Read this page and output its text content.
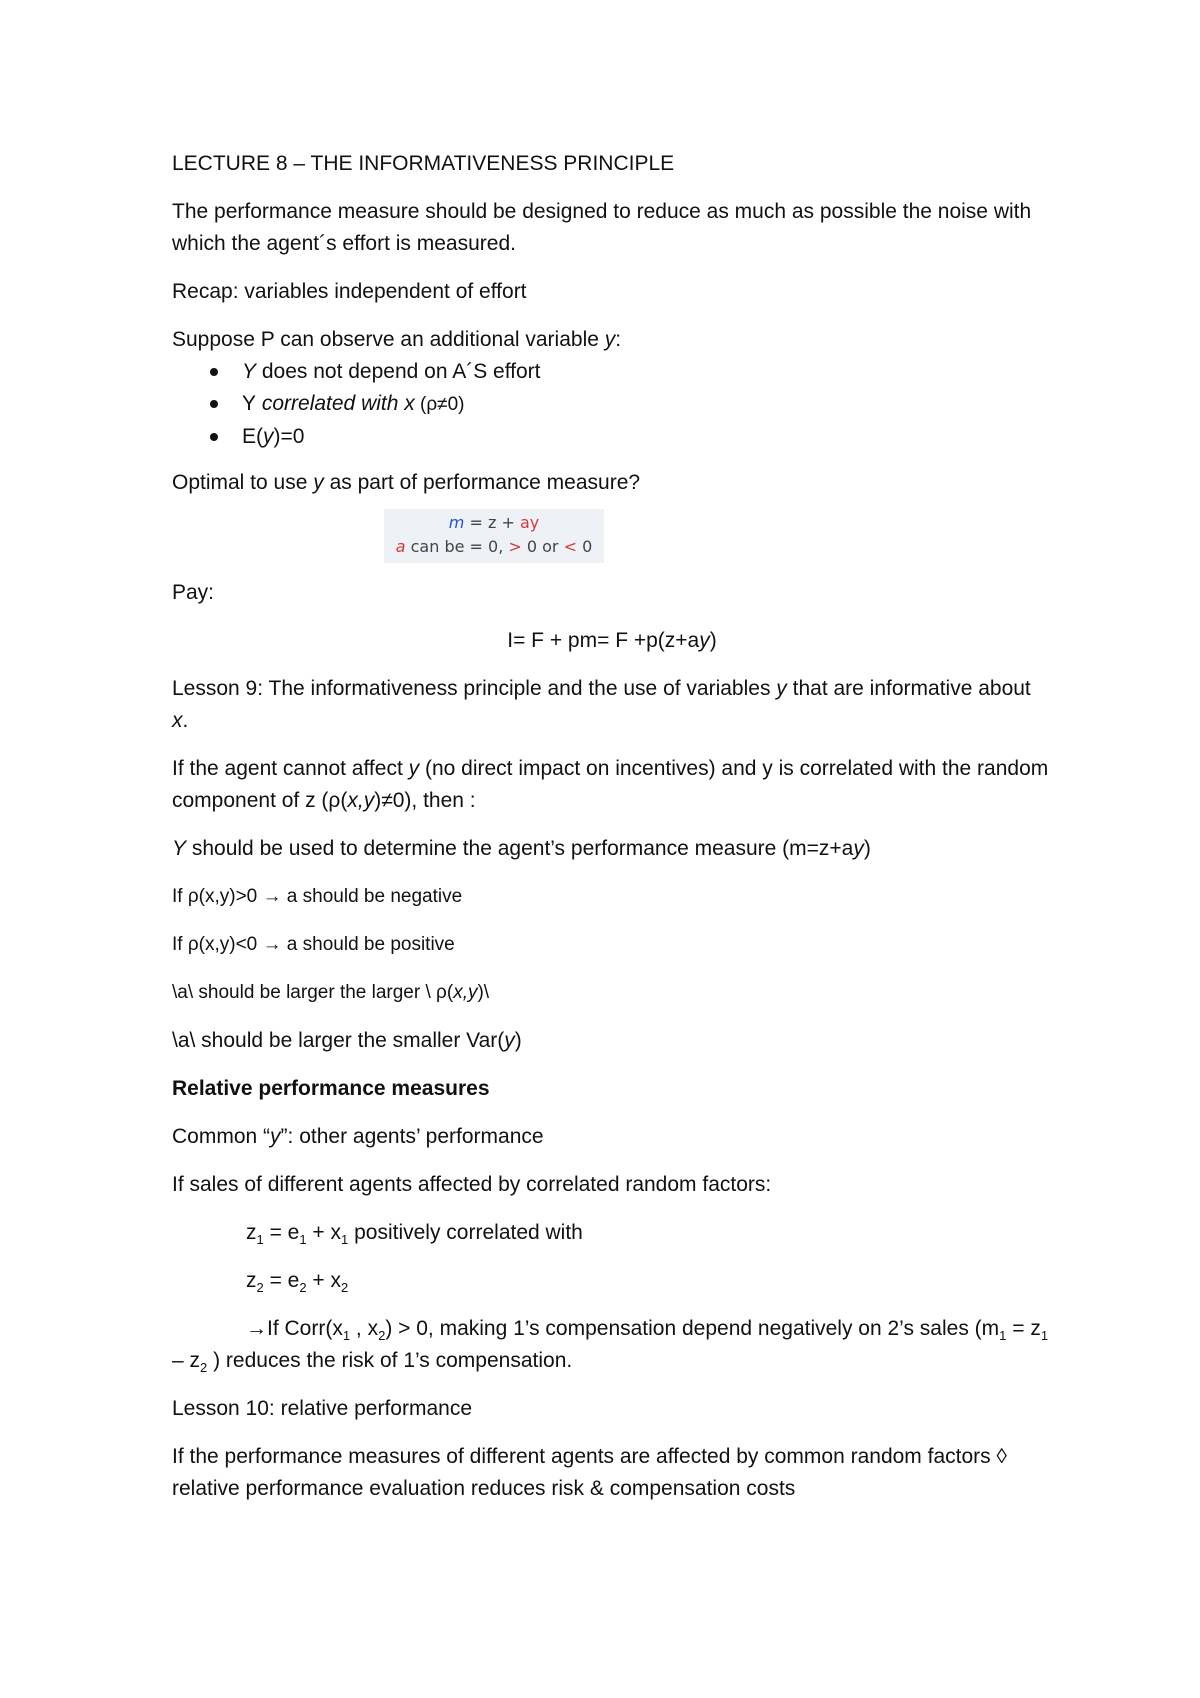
LECTURE 8 – THE INFORMATIVENESS PRINCIPLE

The performance measure should be designed to reduce as much as possible the noise with which the agent´s effort is measured.

Recap: variables independent of effort

Suppose P can observe an additional variable y:

Y does not depend on A´S effort
Y correlated with x (ρ≠0)
E(y)=0

Optimal to use y as part of performance measure?

m = z + ay
a can be = 0, > 0 or < 0

Pay:

I= F + pm= F +p(z+ay)

Lesson 9: The informativeness principle and the use of variables y that are informative about x.

If the agent cannot affect y (no direct impact on incentives) and y is correlated with the random component of z (ρ(x,y)≠0), then :

Y should be used to determine the agent’s performance measure (m=z+ay)

If ρ(x,y)>0 → a should be negative

If ρ(x,y)<0 → a should be positive

\a\ should be larger the larger \ ρ(x,y)\

\a\ should be larger the smaller Var(y)

Relative performance measures

Common “y”: other agents’ performance

If sales of different agents affected by correlated random factors:

$z_1 = e_1 + x_1$ positively correlated with

$z_2 = e_2 + x_2$

→If $Corr(x_1$ , $x_2) > 0$, making 1’s compensation depend negatively on 2’s sales ($m_1 = z_1 - z_2$ ) reduces the risk of 1’s compensation.

Lesson 10: relative performance

If the performance measures of different agents are affected by common random factors ◊ relative performance evaluation reduces risk & compensation costs
